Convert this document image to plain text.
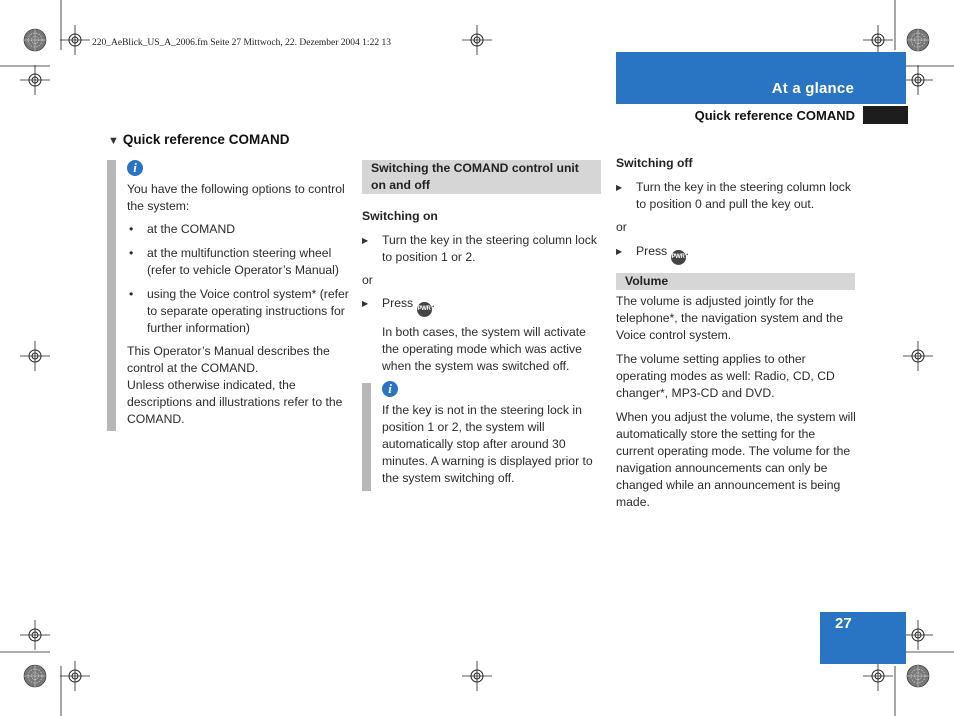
220_AeBlick_US_A_2006.fm Seite 27 Mittwoch, 22. Dezember 2004 1:22 13
At a glance
Quick reference COMAND
▼ Quick reference COMAND
i

You have the following options to control the system:

• at the COMAND
• at the multifunction steering wheel (refer to vehicle Operator’s Manual)
• using the Voice control system* (refer to separate operating instructions for further information)

This Operator’s Manual describes the control at the COMAND.

Unless otherwise indicated, the descriptions and illustrations refer to the COMAND.

Switching the COMAND control unit on and off

Switching on

▶ Turn the key in the steering column lock to position 1 or 2.

or

▶ Press PWR.

In both cases, the system will activate the operating mode which was active when the system was switched off.

i

If the key is not in the steering lock in position 1 or 2, the system will automatically stop after around 30 minutes. A warning is displayed prior to the system switching off.

Switching off

▶ Turn the key in the steering column lock to position 0 and pull the key out.

or

▶ Press PWR.
Volume

The volume is adjusted jointly for the telephone*, the navigation system and the Voice control system.

The volume setting applies to other operating modes as well: Radio, CD, CD changer*, MP3-CD and DVD.

When you adjust the volume, the system will automatically store the setting for the current operating mode. The volume for the navigation announcements can only be changed while an announcement is being made.

27
